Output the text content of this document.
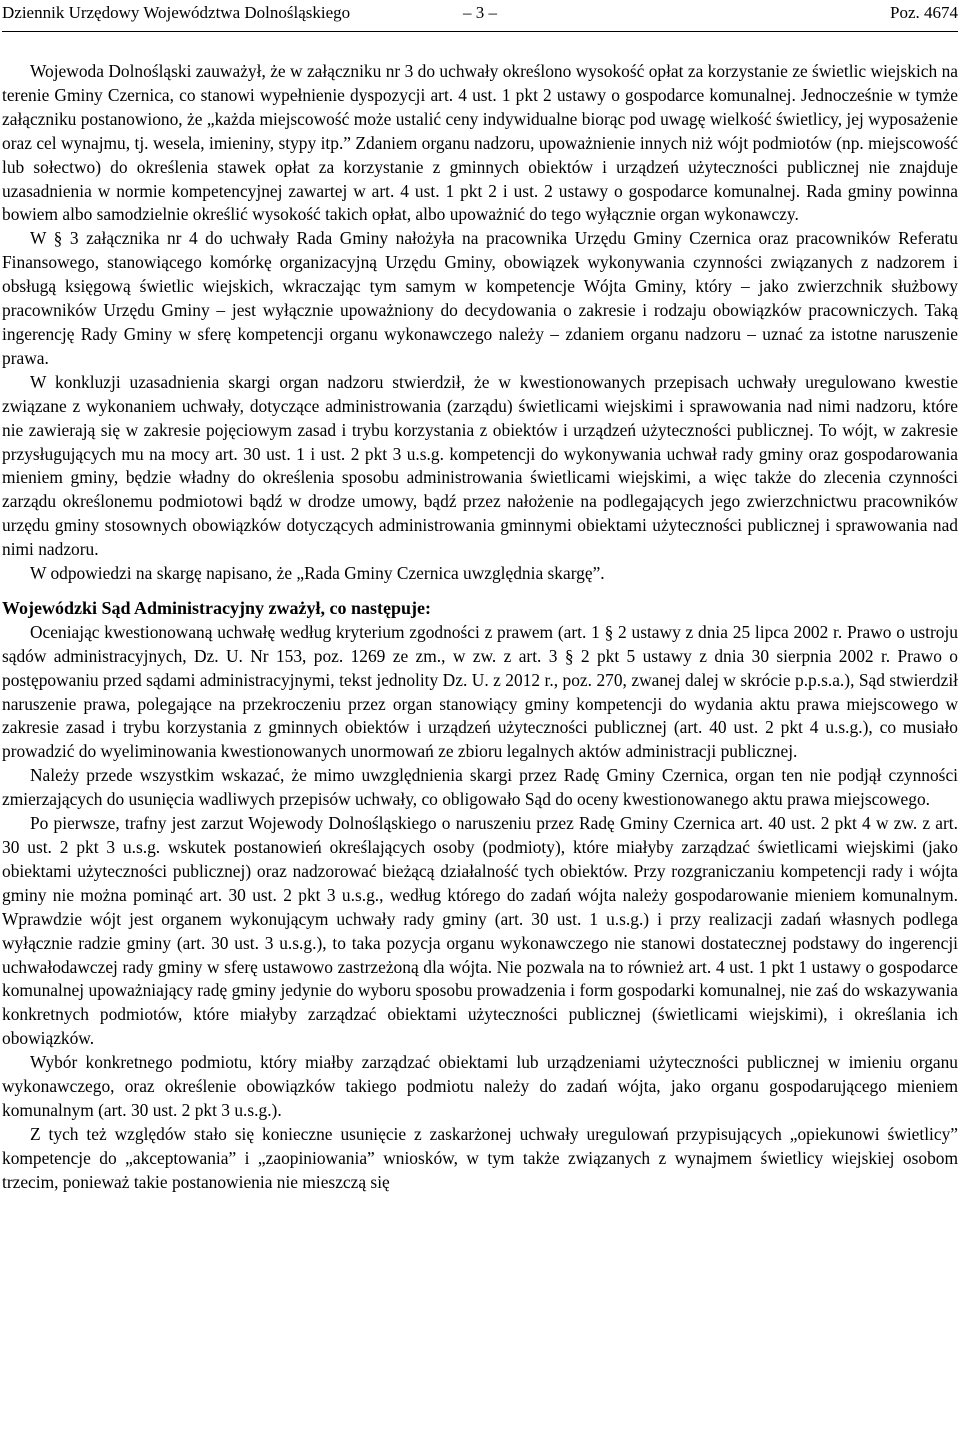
Dziennik Urzędowy Województwa Dolnośląskiego	– 3 –	Poz. 4674

Wojewoda Dolnośląski zauważył, że w załączniku nr 3 do uchwały określono wysokość opłat za korzystanie ze świetlic wiejskich na terenie Gminy Czernica, co stanowi wypełnienie dyspozycji art. 4 ust. 1 pkt 2 ustawy o gospodarce komunalnej. Jednocześnie w tymże załączniku postanowiono, że „każda miejscowość może ustalić ceny indywidualne biorąc pod uwagę wielkość świetlicy, jej wyposażenie oraz cel wynajmu, tj. wesela, imieniny, stypy itp.” Zdaniem organu nadzoru, upoważnienie innych niż wójt podmiotów (np. miejscowość lub sołectwo) do określenia stawek opłat za korzystanie z gminnych obiektów i urządzeń użyteczności publicznej nie znajduje uzasadnienia w normie kompetencyjnej zawartej w art. 4 ust. 1 pkt 2 i ust. 2 ustawy o gospodarce komunalnej. Rada gminy powinna bowiem albo samodzielnie określić wysokość takich opłat, albo upoważnić do tego wyłącznie organ wykonawczy.

W § 3 załącznika nr 4 do uchwały Rada Gminy nałożyła na pracownika Urzędu Gminy Czernica oraz pracowników Referatu Finansowego, stanowiącego komórkę organizacyjną Urzędu Gminy, obowiązek wykonywania czynności związanych z nadzorem i obsługą księgową świetlic wiejskich, wkraczając tym samym w kompetencje Wójta Gminy, który – jako zwierzchnik służbowy pracowników Urzędu Gminy – jest wyłącznie upoważniony do decydowania o zakresie i rodzaju obowiązków pracowniczych. Taką ingerencję Rady Gminy w sferę kompetencji organu wykonawczego należy – zdaniem organu nadzoru – uznać za istotne naruszenie prawa.

W konkluzji uzasadnienia skargi organ nadzoru stwierdził, że w kwestionowanych przepisach uchwały uregulowano kwestie związane z wykonaniem uchwały, dotyczące administrowania (zarządu) świetlicami wiejskimi i sprawowania nad nimi nadzoru, które nie zawierają się w zakresie pojęciowym zasad i trybu korzystania z obiektów i urządzeń użyteczności publicznej. To wójt, w zakresie przysługujących mu na mocy art. 30 ust. 1 i ust. 2 pkt 3 u.s.g. kompetencji do wykonywania uchwał rady gminy oraz gospodarowania mieniem gminy, będzie władny do określenia sposobu administrowania świetlicami wiejskimi, a więc także do zlecenia czynności zarządu określonemu podmiotowi bądź w drodze umowy, bądź przez nałożenie na podlegających jego zwierzchnictwu pracowników urzędu gminy stosownych obowiązków dotyczących administrowania gminnymi obiektami użyteczności publicznej i sprawowania nad nimi nadzoru.

W odpowiedzi na skargę napisano, że „Rada Gminy Czernica uwzględnia skargę”.

Wojewódzki Sąd Administracyjny zważył, co następuje:

Oceniając kwestionowaną uchwałę według kryterium zgodności z prawem (art. 1 § 2 ustawy z dnia 25 lipca 2002 r. Prawo o ustroju sądów administracyjnych, Dz. U. Nr 153, poz. 1269 ze zm., w zw. z art. 3 § 2 pkt 5 ustawy z dnia 30 sierpnia 2002 r. Prawo o postępowaniu przed sądami administracyjnymi, tekst jednolity Dz. U. z 2012 r., poz. 270, zwanej dalej w skrócie p.p.s.a.), Sąd stwierdził naruszenie prawa, polegające na przekroczeniu przez organ stanowiący gminy kompetencji do wydania aktu prawa miejscowego w zakresie zasad i trybu korzystania z gminnych obiektów i urządzeń użyteczności publicznej (art. 40 ust. 2 pkt 4 u.s.g.), co musiało prowadzić do wyeliminowania kwestionowanych unormowań ze zbioru legalnych aktów administracji publicznej.

Należy przede wszystkim wskazać, że mimo uwzględnienia skargi przez Radę Gminy Czernica, organ ten nie podjął czynności zmierzających do usunięcia wadliwych przepisów uchwały, co obligowało Sąd do oceny kwestionowanego aktu prawa miejscowego.

Po pierwsze, trafny jest zarzut Wojewody Dolnośląskiego o naruszeniu przez Radę Gminy Czernica art. 40 ust. 2 pkt 4 w zw. z art. 30 ust. 2 pkt 3 u.s.g. wskutek postanowień określających osoby (podmioty), które miałyby zarządzać świetlicami wiejskimi (jako obiektami użyteczności publicznej) oraz nadzorować bieżącą działalność tych obiektów. Przy rozgraniczaniu kompetencji rady i wójta gminy nie można pominąć art. 30 ust. 2 pkt 3 u.s.g., według którego do zadań wójta należy gospodarowanie mieniem komunalnym. Wprawdzie wójt jest organem wykonującym uchwały rady gminy (art. 30 ust. 1 u.s.g.) i przy realizacji zadań własnych podlega wyłącznie radzie gminy (art. 30 ust. 3 u.s.g.), to taka pozycja organu wykonawczego nie stanowi dostatecznej podstawy do ingerencji uchwałodawczej rady gminy w sferę ustawowo zastrzeżoną dla wójta. Nie pozwala na to również art. 4 ust. 1 pkt 1 ustawy o gospodarce komunalnej upoważniający radę gminy jedynie do wyboru sposobu prowadzenia i form gospodarki komunalnej, nie zaś do wskazywania konkretnych podmiotów, które miałyby zarządzać obiektami użyteczności publicznej (świetlicami wiejskimi), i określania ich obowiązków.

Wybór konkretnego podmiotu, który miałby zarządzać obiektami lub urządzeniami użyteczności publicznej w imieniu organu wykonawczego, oraz określenie obowiązków takiego podmiotu należy do zadań wójta, jako organu gospodarującego mieniem komunalnym (art. 30 ust. 2 pkt 3 u.s.g.).

Z tych też względów stało się konieczne usunięcie z zaskarżonej uchwały uregulowań przypisujących „opiekunowi świetlicy” kompetencje do „akceptowania” i „zaopiniowania” wniosków, w tym także związanych z wynajmem świetlicy wiejskiej osobom trzecim, ponieważ takie postanowienia nie mieszczą się
